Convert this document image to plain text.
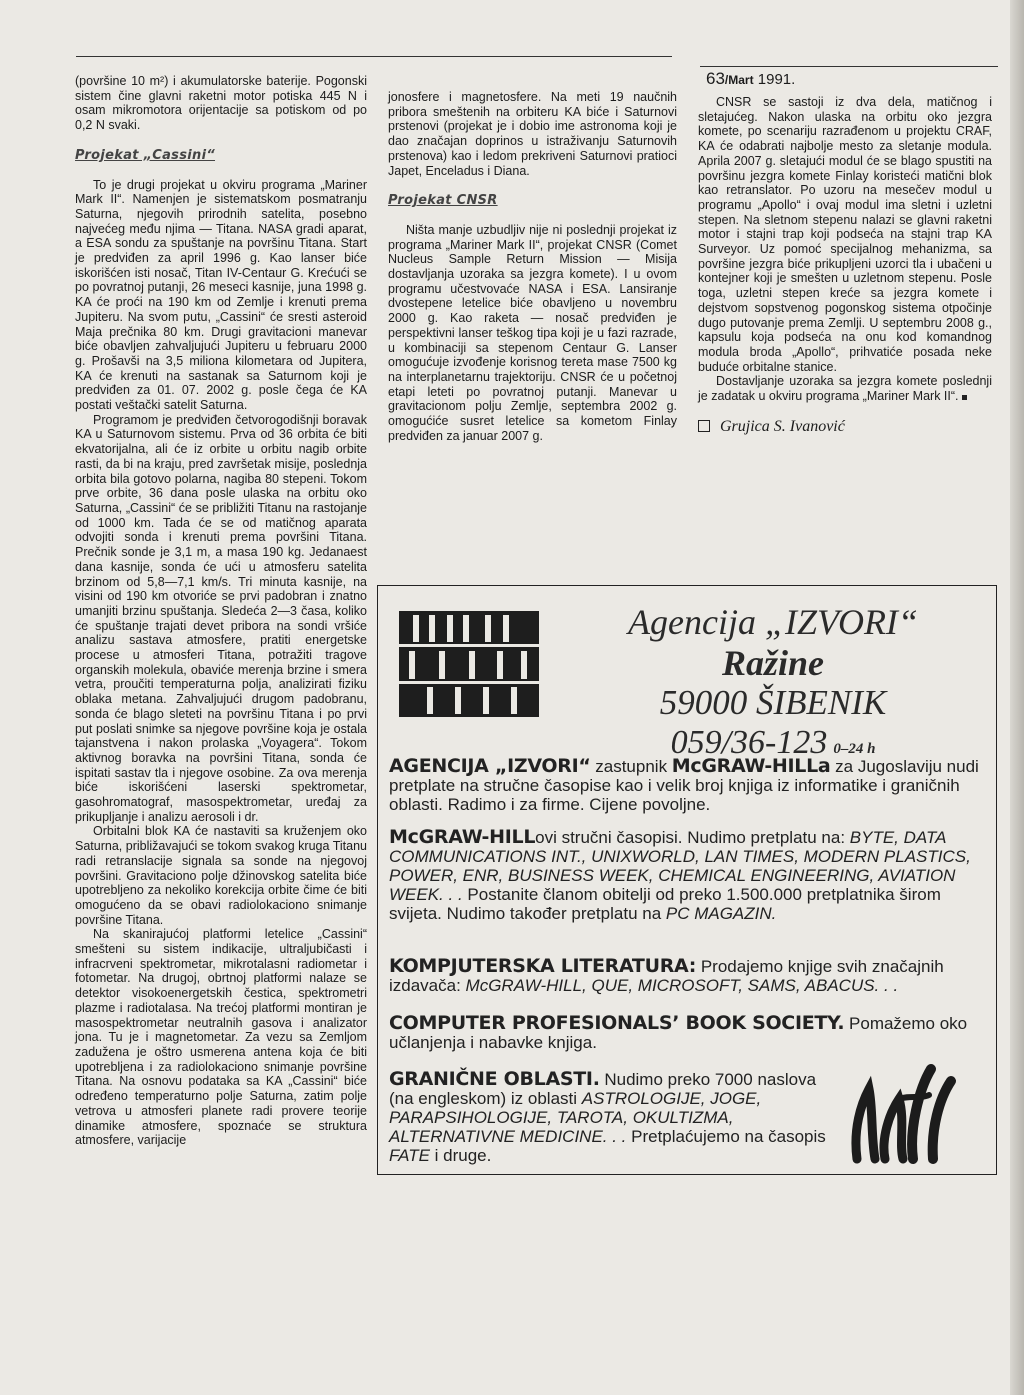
63/Mart 1991.

(površine 10 m²) i akumulatorske baterije. Pogonski sistem čine glavni raketni motor potiska 445 N i osam mikromotora orijentacije sa potiskom od po 0,2 N svaki.

Projekat „Cassini“

To je drugi projekat u okviru programa „Mariner Mark II“. Namenjen je sistematskom posmatranju Saturna, njegovih prirodnih satelita, posebno najvećeg među njima — Titana. NASA gradi aparat, a ESA sondu za spuštanje na površinu Titana. Start je predviđen za april 1996 g. Kao lanser biće iskorišćen isti nosač, Titan IV-Centaur G. Krećući se po povratnoj putanji, 26 meseci kasnije, juna 1998 g. KA će proći na 190 km od Zemlje i krenuti prema Jupiteru. Na svom putu, „Cassini“ će sresti asteroid Maja prečnika 80 km. Drugi gravitacioni manevar biće obavljen zahvaljujući Jupiteru u februaru 2000 g. Prošavši na 3,5 miliona kilometara od Jupitera, KA će krenuti na sastanak sa Saturnom koji je predviđen za 01. 07. 2002 g. posle čega će KA postati veštački satelit Saturna.

Programom je predviđen četvorogodišnji boravak KA u Saturnovom sistemu. Prva od 36 orbita će biti ekvatorijalna, ali će iz orbite u orbitu nagib orbite rasti, da bi na kraju, pred završetak misije, poslednja orbita bila gotovo polarna, nagiba 80 stepeni. Tokom prve orbite, 36 dana posle ulaska na orbitu oko Saturna, „Cassini“ će se približiti Titanu na rastojanje od 1000 km. Tada će se od matičnog aparata odvojiti sonda i krenuti prema površini Titana. Prečnik sonde je 3,1 m, a masa 190 kg. Jedanaest dana kasnije, sonda će ući u atmosferu satelita brzinom od 5,8—7,1 km/s. Tri minuta kasnije, na visini od 190 km otvoriće se prvi padobran i znatno umanjiti brzinu spuštanja. Sledeća 2—3 časa, koliko će spuštanje trajati devet pribora na sondi vršiće analizu sastava atmosfere, pratiti energetske procese u atmosferi Titana, potražiti tragove organskih molekula, obaviće merenja brzine i smera vetra, proučiti temperaturna polja, analizirati fiziku oblaka metana. Zahvaljujući drugom padobranu, sonda će blago sleteti na površinu Titana i po prvi put poslati snimke sa njegove površine koja je ostala tajanstvena i nakon prolaska „Voyagera“. Tokom aktivnog boravka na površini Titana, sonda će ispitati sastav tla i njegove osobine. Za ova merenja biće iskorišćeni laserski spektrometar, gasohromatograf, masospektrometar, uređaj za prikupljanje i analizu aerosoli i dr.

Orbitalni blok KA će nastaviti sa kruženjem oko Saturna, približavajući se tokom svakog kruga Titanu radi retranslacije signala sa sonde na njegovoj površini. Gravitaciono polje džinovskog satelita biće upotrebljeno za nekoliko korekcija orbite čime će biti omogućeno da se obavi radiolokaciono snimanje površine Titana.

Na skanirajućoj platformi letelice „Cassini“ smešteni su sistem indikacije, ultraljubičasti i infracrveni spektrometar, mikrotalasni radiometar i fotometar. Na drugoj, obrtnoj platformi nalaze se detektor visokoenergetskih čestica, spektrometri plazme i radiotalasa. Na trećoj platformi montiran je masospektrometar neutralnih gasova i analizator jona. Tu je i magnetometar. Za vezu sa Zemljom zadužena je oštro usmerena antena koja će biti upotrebljena i za radiolokaciono snimanje površine Titana. Na osnovu podataka sa KA „Cassini“ biće određeno temperaturno polje Saturna, zatim polje vetrova u atmosferi planete radi provere teorije dinamike atmosfere, spoznaće se struktura atmosfere, varijacije

jonosfere i magnetosfere. Na meti 19 naučnih pribora smeštenih na orbiteru KA biće i Saturnovi prstenovi (projekat je i dobio ime astronoma koji je dao značajan doprinos u istraživanju Saturnovih prstenova) kao i ledom prekriveni Saturnovi pratioci Japet, Enceladus i Diana.

Projekat CNSR

Ništa manje uzbudljiv nije ni poslednji projekat iz programa „Mariner Mark II“, projekat CNSR (Comet Nucleus Sample Return Mission — Misija dostavljanja uzoraka sa jezgra komete). I u ovom programu učestvovaće NASA i ESA. Lansiranje dvostepene letelice biće obavljeno u novembru 2000 g. Kao raketa — nosač predviđen je perspektivni lanser teškog tipa koji je u fazi razrade, u kombinaciji sa stepenom Centaur G. Lanser omogućuje izvođenje korisnog tereta mase 7500 kg na interplanetarnu trajektoriju. CNSR će u početnoj etapi leteti po povratnoj putanji. Manevar u gravitacionom polju Zemlje, septembra 2002 g. omogućiće susret letelice sa kometom Finlay predviđen za januar 2007 g.

CNSR se sastoji iz dva dela, matičnog i sletajućeg. Nakon ulaska na orbitu oko jezgra komete, po scenariju razrađenom u projektu CRAF, KA će odabrati najbolje mesto za sletanje modula. Aprila 2007 g. sletajući modul će se blago spustiti na površinu jezgra komete Finlay koristeći matični blok kao retranslator. Po uzoru na mesečev modul u programu „Apollo“ i ovaj modul ima sletni i uzletni stepen. Na sletnom stepenu nalazi se glavni raketni motor i stajni trap koji podseća na stajni trap KA Surveyor. Uz pomoć specijalnog mehanizma, sa površine jezgra biće prikupljeni uzorci tla i ubačeni u kontejner koji je smešten u uzletnom stepenu. Posle toga, uzletni stepen kreće sa jezgra komete i dejstvom sopstvenog pogonskog sistema otpočinje dugo putovanje prema Zemlji. U septembru 2008 g., kapsulu koja podseća na onu kod komandnog modula broda „Apollo“, prihvatiće posada neke buduće orbitalne stanice.

Dostavljanje uzoraka sa jezgra komete poslednji je zadatak u okviru programa „Mariner Mark II“.

Grujica S. Ivanović
Agencija „IZVORI“
Ražine
59000 ŠIBENIK
059/36-123 0–24 h
AGENCIJA „IZVORI“ zastupnik McGRAW-HILLa za Jugoslaviju nudi pretplate na stručne časopise kao i velik broj knjiga iz informatike i graničnih oblasti. Radimo i za firme. Cijene povoljne.
McGRAW-HILLovi stručni časopisi. Nudimo pretplatu na: BYTE, DATA COMMUNICATIONS INT., UNIXWORLD, LAN TIMES, MODERN PLASTICS, POWER, ENR, BUSINESS WEEK, CHEMICAL ENGINEERING, AVIATION WEEK. . . Postanite članom obitelji od preko 1.500.000 pretplatnika širom svijeta. Nudimo također pretplatu na PC MAGAZIN.
KOMPJUTERSKA LITERATURA: Prodajemo knjige svih značajnih izdavača: McGRAW-HILL, QUE, MICROSOFT, SAMS, ABACUS. . .
COMPUTER PROFESIONALS’ BOOK SOCIETY. Pomažemo oko učlanjenja i nabavke knjiga.
GRANIČNE OBLASTI. Nudimo preko 7000 naslova (na engleskom) iz oblasti ASTROLOGIJE, JOGE, PARAPSIHOLOGIJE, TAROTA, OKULTIZMA, ALTERNATIVNE MEDICINE. . . Pretplaćujemo na časopis FATE i druge.
